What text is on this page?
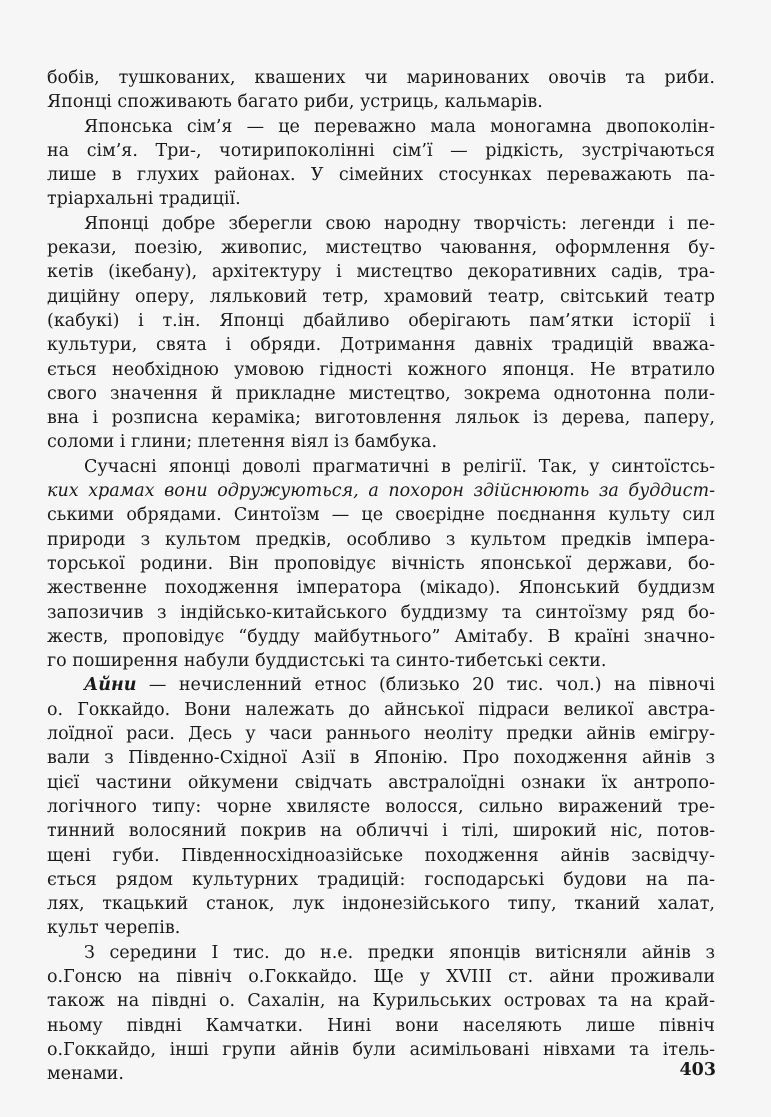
бобів, тушкованих, квашених чи маринованих овочів та риби.
Японці споживають багато риби, устриць, кальмарів.
Японська сім’я — це переважно мала моногамна двопоколін-
на сім’я. Три-, чотирипоколінні сім’ї — рідкість, зустрічаються
лише в глухих районах. У сімейних стосунках переважають па-
тріархальні традиції.
Японці добре зберегли свою народну творчість: легенди і пе-
рекази, поезію, живопис, мистецтво чаювання, оформлення бу-
кетів (ікебану), архітектуру і мистецтво декоративних садів, тра-
диційну оперу, ляльковий тетр, храмовий театр, світський театр
(кабукі) і т.ін. Японці дбайливо оберігають пам’ятки історії і
культури, свята і обряди. Дотримання давніх традицій вважа-
ється необхідною умовою гідності кожного японця. Не втратило
свого значення й прикладне мистецтво, зокрема однотонна поли-
вна і розписна кераміка; виготовлення ляльок із дерева, паперу,
соломи і глини; плетення віял із бамбука.
Сучасні японці доволі прагматичні в релігії. Так, у синтоїстсь-
ких храмах вони одружуються, а похорон здійснюють за буддист-
ськими обрядами. Синтоїзм — це своєрідне поєднання культу сил
природи з культом предків, особливо з культом предків імпера-
торської родини. Він проповідує вічність японської держави, бо-
жественне походження імператора (мікадо). Японський буддизм
запозичив з індійсько-китайського буддизму та синтоїзму ряд бо-
жеств, проповідує “будду майбутнього” Амітабу. В країні значно-
го поширення набули буддистські та синто-тибетські секти.
Айни — нечисленний етнос (близько 20 тис. чол.) на півночі
о. Гоккайдо. Вони належать до айнської підраси великої австра-
лоїдної раси. Десь у часи раннього неоліту предки айнів емігру-
вали з Південно-Східної Азії в Японію. Про походження айнів з
цієї частини ойкумени свідчать австралоїдні ознаки їх антропо-
логічного типу: чорне хвилясте волосся, сильно виражений тре-
тинний волосяний покрив на обличчі і тілі, широкий ніс, потов-
щені губи. Південносхідноазійське походження айнів засвідчу-
ється рядом культурних традицій: господарські будови на па-
лях, ткацький станок, лук індонезійського типу, тканий халат,
культ черепів.
З середини І тис. до н.е. предки японців витісняли айнів з
о.Гонсю на північ о.Гоккайдо. Ще у XVIII ст. айни проживали
також на півдні о. Сахалін, на Курильських островах та на край-
ньому півдні Камчатки. Нині вони населяють лише північ
о.Гоккайдо, інші групи айнів були асимільовані нівхами та ітель-
менами.	403
